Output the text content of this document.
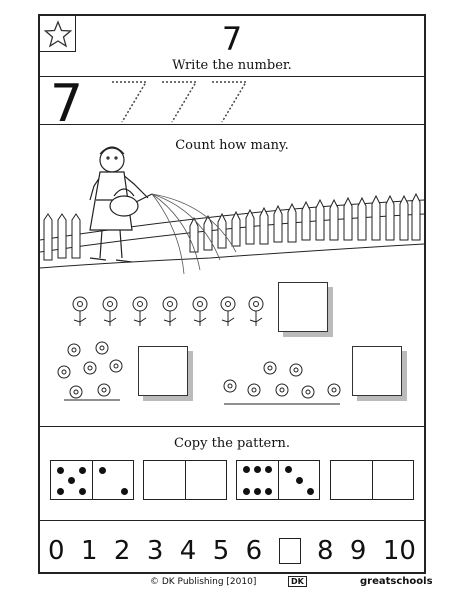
7
Write the number.
7
Count how many.
Copy the pattern.
0 1 2 3 4 5 6 8 9 10
© DK Publishing [2010]	DK	greatschools
